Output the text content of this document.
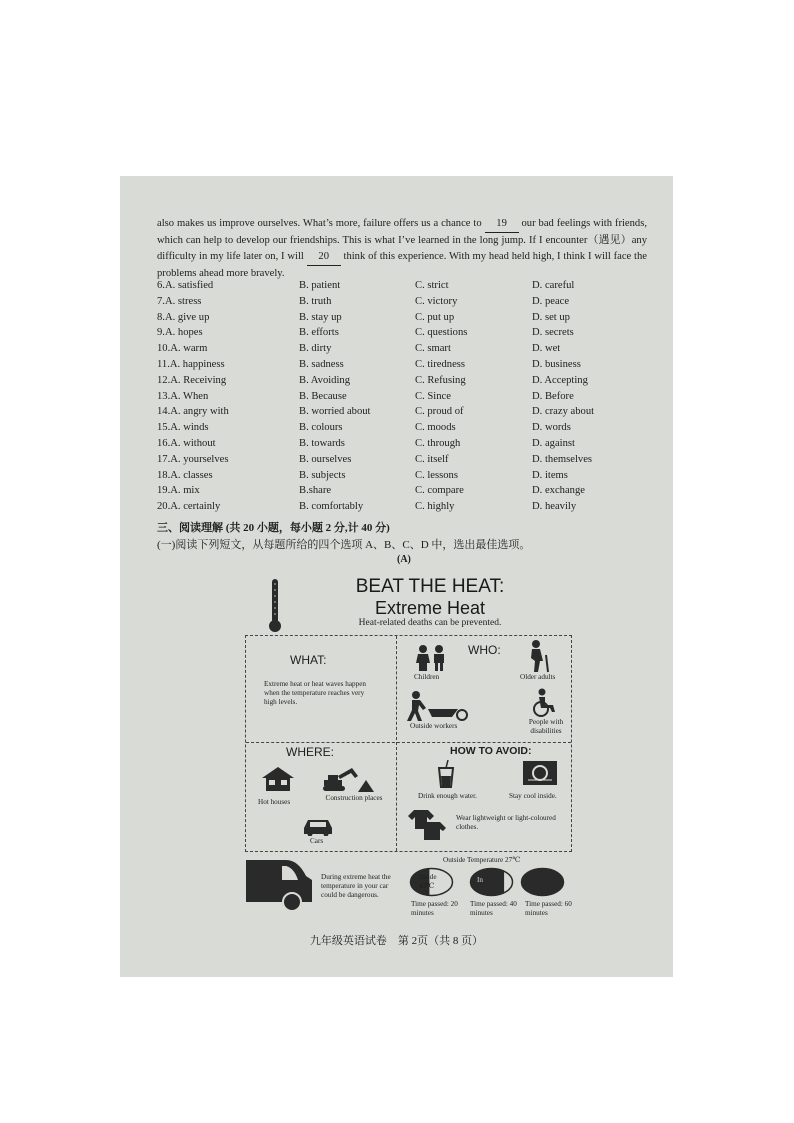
also makes us improve ourselves. What’s more, failure offers us a chance to 19 our bad feelings with friends, which can help to develop our friendships. This is what I’ve learned in the long jump. If I encounter（遇见）any difficulty in my life later on, I will 20 think of this experience. With my head held high, I think I will face the problems ahead more bravely.
6.A. satisfied	B. patient	C. strict	D. careful
7.A. stress	B. truth	C. victory	D. peace
8.A. give up	B. stay up	C. put up	D. set up
9.A. hopes	B. efforts	C. questions	D. secrets
10.A. warm	B. dirty	C. smart	D. wet
11.A. happiness	B. sadness	C. tiredness	D. business
12.A. Receiving	B. Avoiding	C. Refusing	D. Accepting
13.A. When	B. Because	C. Since	D. Before
14.A. angry with	B. worried about	C. proud of	D. crazy about
15.A. winds	B. colours	C. moods	D. words
16.A. without	B. towards	C. through	D. against
17.A. yourselves	B. ourselves	C. itself	D. themselves
18.A. classes	B. subjects	C. lessons	D. items
19.A. mix	B.share	C. compare	D. exchange
20.A. certainly	B. comfortably	C. highly	D. heavily
三、阅读理解 (共 20 小题，每小题 2 分,计 40 分)
(一)阅读下列短文，从每题所给的四个选项 A、B、C、D 中，选出最佳选项。
(A)
BEAT THE HEAT:
Extreme Heat
Heat-related deaths can be prevented.
WHAT:
Extreme heat or heat waves happen when the temperature reaches very high levels.
WHO:
Children	Older adults
Outside workers	People with disabilities
WHERE:
Hot houses	Construction places
Cars
HOW TO AVOID:
Drink enough water.	Stay cool inside.
Wear lightweight or light-coloured clothes.
During extreme heat the temperature in your car could be dangerous.
Outside Temperature 27℃
Inside
43℃
In
Time passed: 20 minutes
Time passed: 40 minutes
Time passed: 60 minutes
九年级英语试卷　第 2页（共 8 页）
